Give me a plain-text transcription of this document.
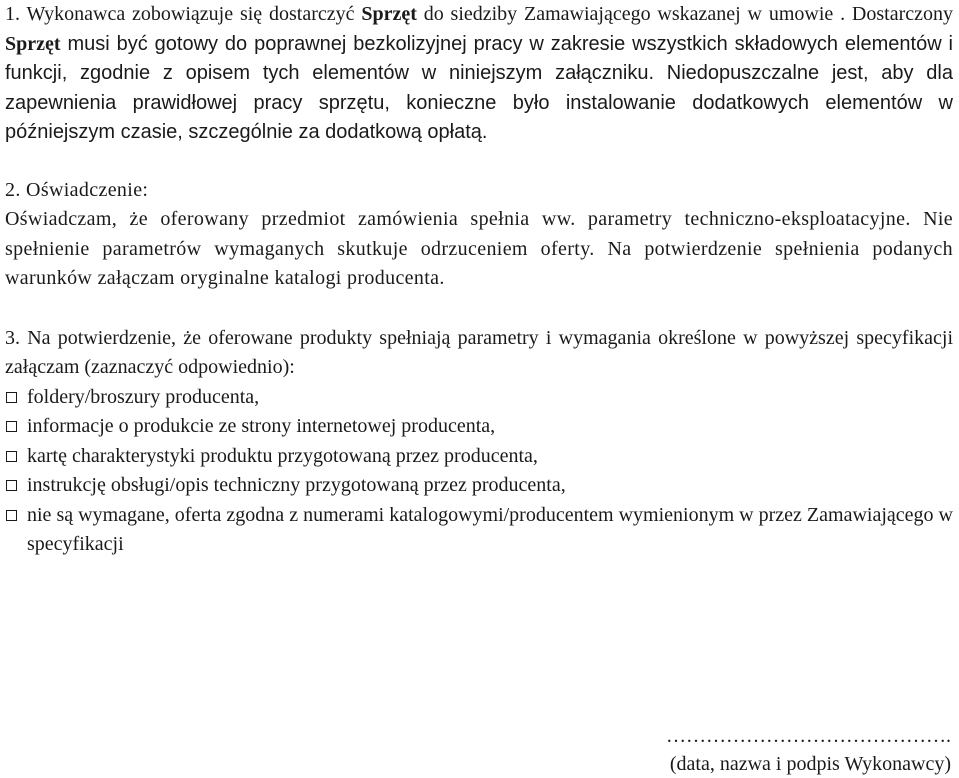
1. Wykonawca zobowiązuje się dostarczyć Sprzęt do siedziby Zamawiającego wskazanej w umowie . Dostarczony Sprzęt musi być gotowy do poprawnej bezkolizyjnej pracy w zakresie wszystkich składowych elementów i funkcji, zgodnie z opisem tych elementów w niniejszym załączniku. Niedopuszczalne jest, aby dla zapewnienia prawidłowej pracy sprzętu, konieczne było instalowanie dodatkowych elementów w późniejszym czasie, szczególnie za dodatkową opłatą.

2. Oświadczenie:
Oświadczam, że oferowany przedmiot zamówienia spełnia ww. parametry techniczno-eksploatacyjne. Nie spełnienie parametrów wymaganych skutkuje odrzuceniem oferty. Na potwierdzenie spełnienia podanych warunków załączam oryginalne katalogi producenta.
3. Na potwierdzenie, że oferowane produkty spełniają parametry i wymagania określone w powyższej specyfikacji załączam (zaznaczyć odpowiednio):
foldery/broszury producenta,
informacje o produkcie ze strony internetowej producenta,
kartę charakterystyki produktu przygotowaną przez producenta,
instrukcję obsługi/opis techniczny przygotowaną przez producenta,
nie są wymagane, oferta zgodna z numerami katalogowymi/producentem wymienionym w przez Zamawiającego w specyfikacji
…………………………………….
(data, nazwa i podpis Wykonawcy)
